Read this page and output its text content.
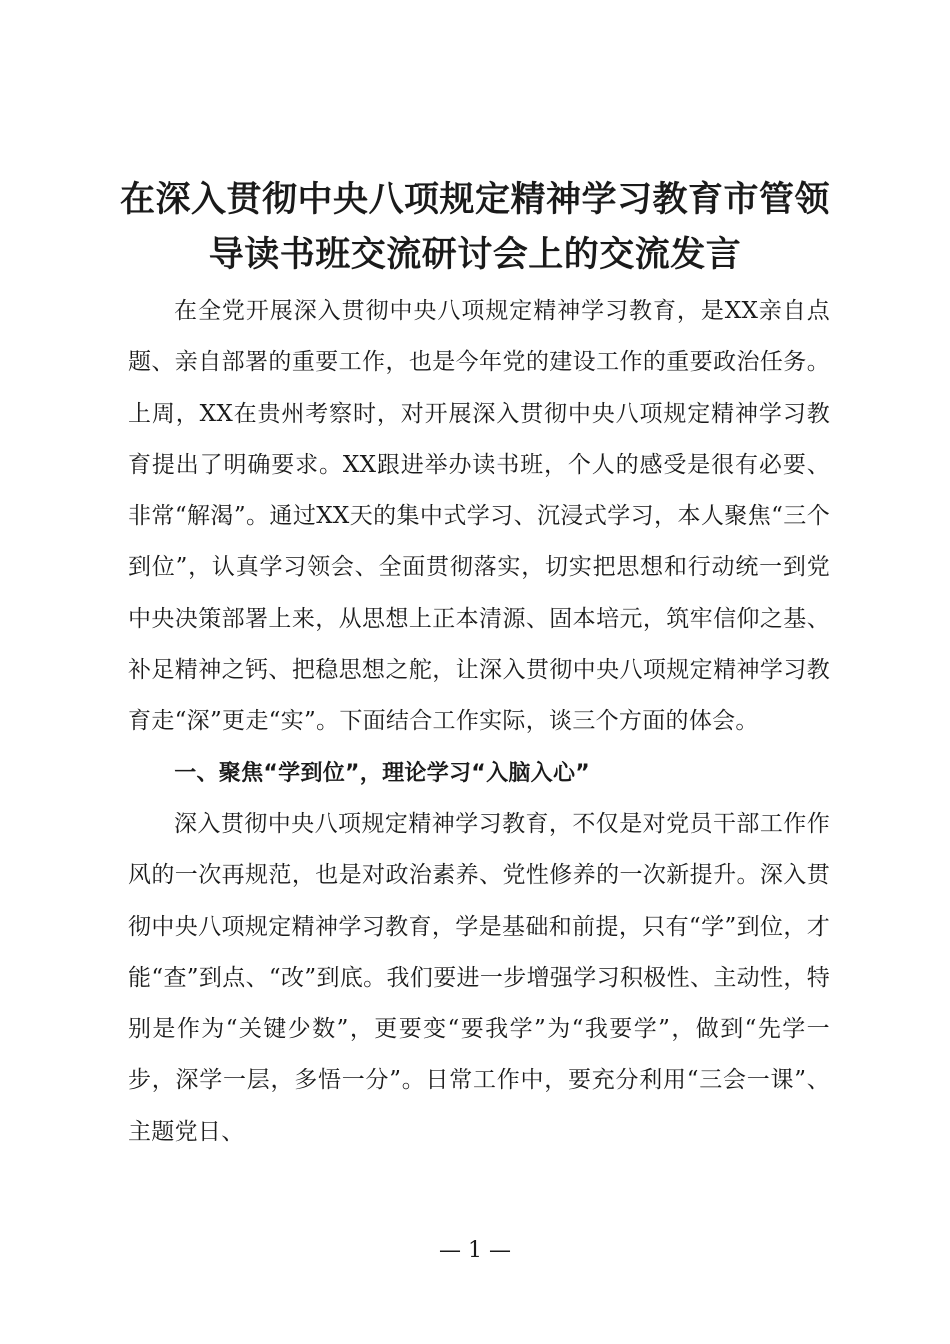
在深入贯彻中央八项规定精神学习教育市管领
导读书班交流研讨会上的交流发言

在全党开展深入贯彻中央八项规定精神学习教育，是XX亲自点题、亲自部署的重要工作，也是今年党的建设工作的重要政治任务。上周，XX在贵州考察时，对开展深入贯彻中央八项规定精神学习教育提出了明确要求。XX跟进举办读书班，个人的感受是很有必要、非常“解渴”。通过XX天的集中式学习、沉浸式学习，本人聚焦“三个到位”，认真学习领会、全面贯彻落实，切实把思想和行动统一到党中央决策部署上来，从思想上正本清源、固本培元，筑牢信仰之基、补足精神之钙、把稳思想之舵，让深入贯彻中央八项规定精神学习教育走“深”更走“实”。下面结合工作实际，谈三个方面的体会。

一、聚焦“学到位”，理论学习“入脑入心”

深入贯彻中央八项规定精神学习教育，不仅是对党员干部工作作风的一次再规范，也是对政治素养、党性修养的一次新提升。深入贯彻中央八项规定精神学习教育，学是基础和前提，只有“学”到位，才能“查”到点、“改”到底。我们要进一步增强学习积极性、主动性，特别是作为“关键少数”，更要变“要我学”为“我要学”，做到“先学一步，深学一层，多悟一分”。日常工作中，要充分利用“三会一课”、主题党日、

— 1 —
